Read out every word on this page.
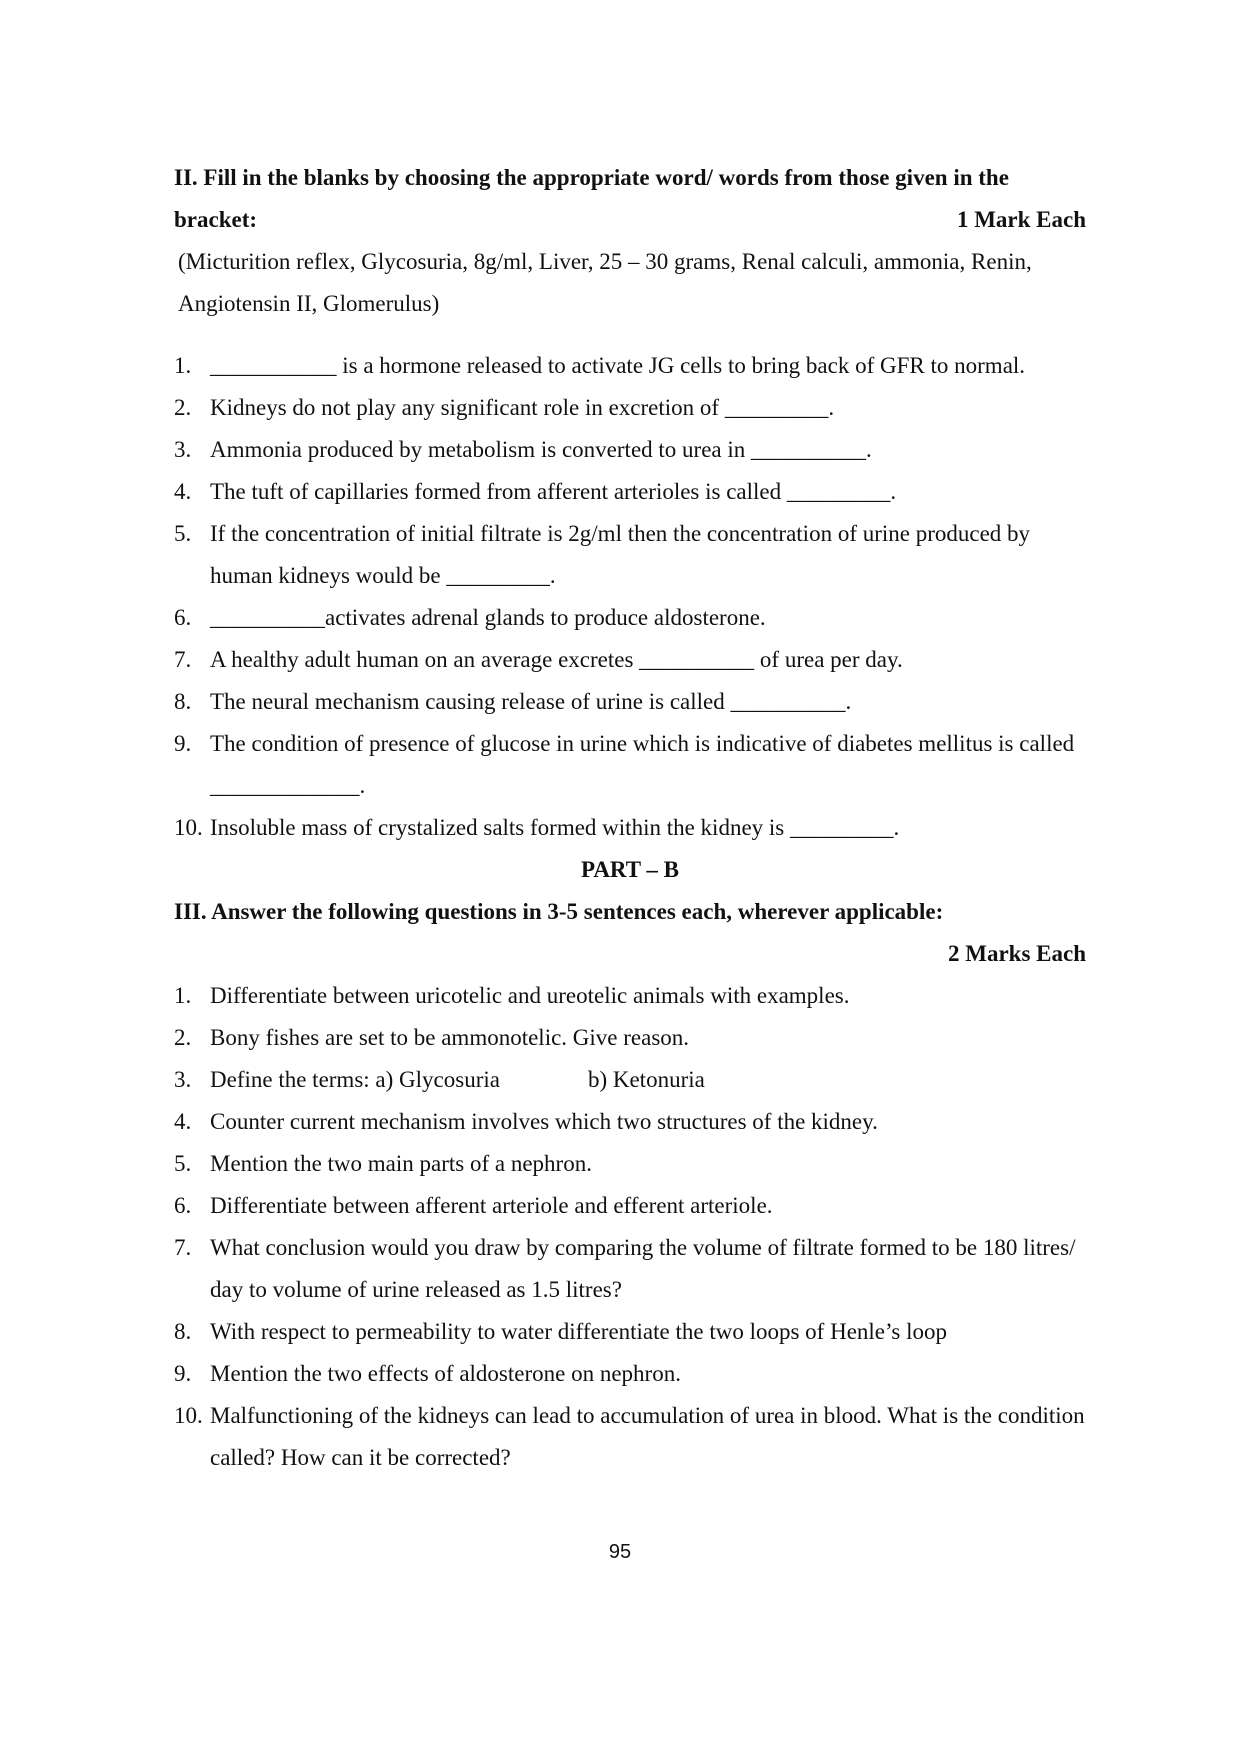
II. Fill in the blanks by choosing the appropriate word/ words from those given in the
bracket:	1 Mark Each
(Micturition reflex, Glycosuria, 8g/ml, Liver, 25 – 30 grams, Renal calculi, ammonia, Renin, Angiotensin II, Glomerulus)
1. ___________ is a hormone released to activate JG cells to bring back of GFR to normal.
2. Kidneys do not play any significant role in excretion of _________.
3. Ammonia produced by metabolism is converted to urea in __________.
4. The tuft of capillaries formed from afferent arterioles is called _________.
5. If the concentration of initial filtrate is 2g/ml then the concentration of urine produced by human kidneys would be _________.
6. __________activates adrenal glands to produce aldosterone.
7. A healthy adult human on an average excretes __________ of urea per day.
8. The neural mechanism causing release of urine is called __________.
9. The condition of presence of glucose in urine which is indicative of diabetes mellitus is called _____________.
10. Insoluble mass of crystalized salts formed within the kidney is _________.
PART – B
III. Answer the following questions in 3-5 sentences each, wherever applicable:
2 Marks Each
1. Differentiate between uricotelic and ureotelic animals with examples.
2. Bony fishes are set to be ammonotelic. Give reason.
3. Define the terms: a) Glycosuria	b) Ketonuria
4. Counter current mechanism involves which two structures of the kidney.
5. Mention the two main parts of a nephron.
6. Differentiate between afferent arteriole and efferent arteriole.
7. What conclusion would you draw by comparing the volume of filtrate formed to be 180 litres/ day to volume of urine released as 1.5 litres?
8. With respect to permeability to water differentiate the two loops of Henle’s loop
9. Mention the two effects of aldosterone on nephron.
10. Malfunctioning of the kidneys can lead to accumulation of urea in blood. What is the condition called? How can it be corrected?
95
